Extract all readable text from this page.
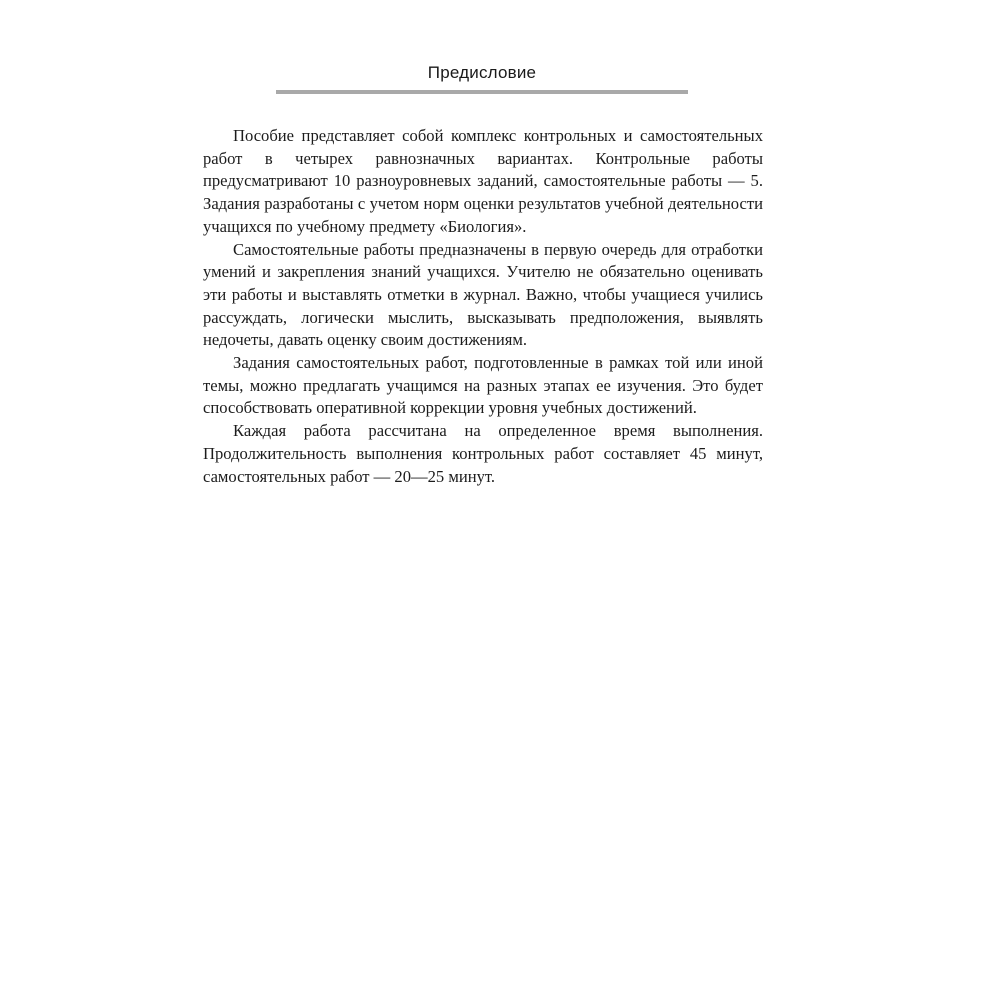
Предисловие

Пособие представляет собой комплекс контрольных и самостоятельных работ в четырех равнозначных вариантах. Контрольные работы предусматривают 10 разноуровневых заданий, самостоятельные работы — 5. Задания разработаны с учетом норм оценки результатов учебной деятельности учащихся по учебному предмету «Биология».

Самостоятельные работы предназначены в первую очередь для отработки умений и закрепления знаний учащихся. Учителю не обязательно оценивать эти работы и выставлять отметки в журнал. Важно, чтобы учащиеся учились рассуждать, логически мыслить, высказывать предположения, выявлять недочеты, давать оценку своим достижениям.

Задания самостоятельных работ, подготовленные в рамках той или иной темы, можно предлагать учащимся на разных этапах ее изучения. Это будет способствовать оперативной коррекции уровня учебных достижений.

Каждая работа рассчитана на определенное время выполнения. Продолжительность выполнения контрольных работ составляет 45 минут, самостоятельных работ — 20—25 минут.
